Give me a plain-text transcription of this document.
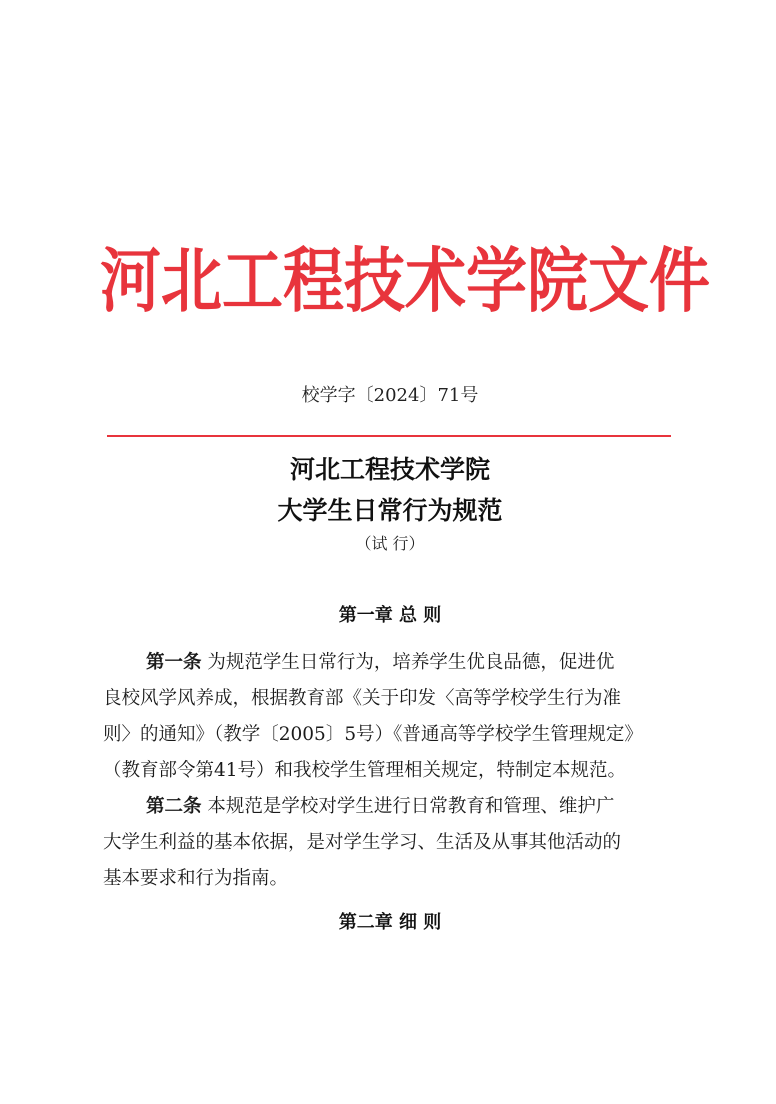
河北工程技术学院文件
校学字〔2024〕71号
河北工程技术学院
大学生日常行为规范
（试 行）
第一章 总 则
第一条 为规范学生日常行为，培养学生优良品德，促进优
良校风学风养成，根据教育部《关于印发〈高等学校学生行为准
则〉的通知》（教学〔2005〕5号）《普通高等学校学生管理规定》
（教育部令第41号）和我校学生管理相关规定，特制定本规范。
第二条 本规范是学校对学生进行日常教育和管理、维护广
大学生利益的基本依据，是对学生学习、生活及从事其他活动的
基本要求和行为指南。
第二章 细 则
